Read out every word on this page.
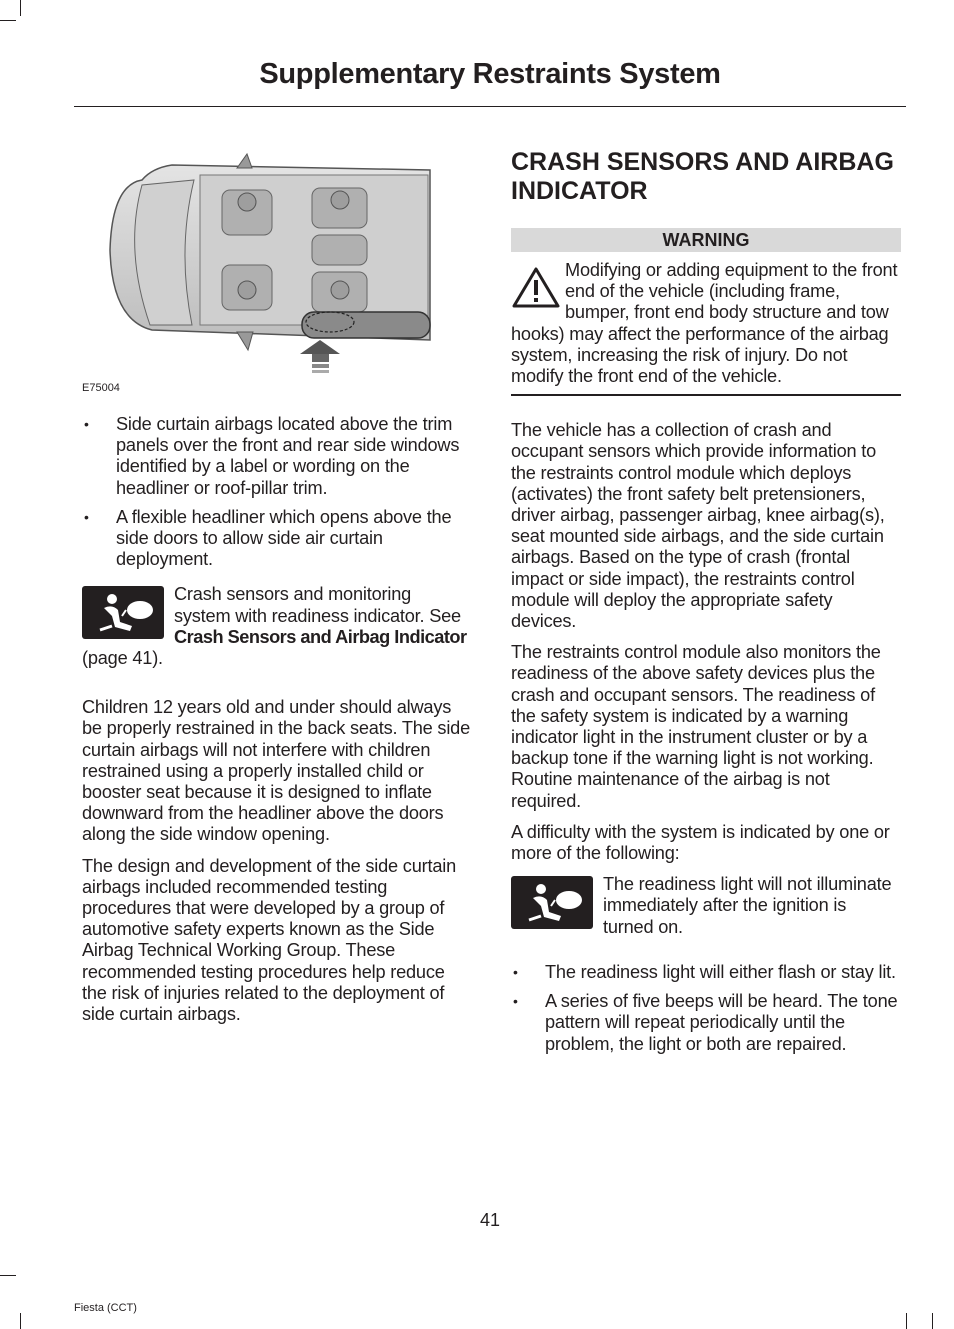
Supplementary Restraints System
E75004
• Side curtain airbags located above the trim panels over the front and rear side windows identified by a label or wording on the headliner or roof-pillar trim.
• A flexible headliner which opens above the side doors to allow side air curtain deployment.
Crash sensors and monitoring system with readiness indicator. See Crash Sensors and Airbag Indicator (page 41).

Children 12 years old and under should always be properly restrained in the back seats. The side curtain airbags will not interfere with children restrained using a properly installed child or booster seat because it is designed to inflate downward from the headliner above the doors along the side window opening.

The design and development of the side curtain airbags included recommended testing procedures that were developed by a group of automotive safety experts known as the Side Airbag Technical Working Group. These recommended testing procedures help reduce the risk of injuries related to the deployment of side curtain airbags.

CRASH SENSORS AND AIRBAG INDICATOR
WARNING

Modifying or adding equipment to the front end of the vehicle (including frame, bumper, front end body structure and tow hooks) may affect the performance of the airbag system, increasing the risk of injury. Do not modify the front end of the vehicle.

The vehicle has a collection of crash and occupant sensors which provide information to the restraints control module which deploys (activates) the front safety belt pretensioners, driver airbag, passenger airbag, knee airbag(s), seat mounted side airbags, and the side curtain airbags. Based on the type of crash (frontal impact or side impact), the restraints control module will deploy the appropriate safety devices.

The restraints control module also monitors the readiness of the above safety devices plus the crash and occupant sensors. The readiness of the safety system is indicated by a warning indicator light in the instrument cluster or by a backup tone if the warning light is not working. Routine maintenance of the airbag is not required.

A difficulty with the system is indicated by one or more of the following:

The readiness light will not illuminate immediately after the ignition is turned on.
• The readiness light will either flash or stay lit.
• A series of five beeps will be heard. The tone pattern will repeat periodically until the problem, the light or both are repaired.
41
Fiesta (CCT)
